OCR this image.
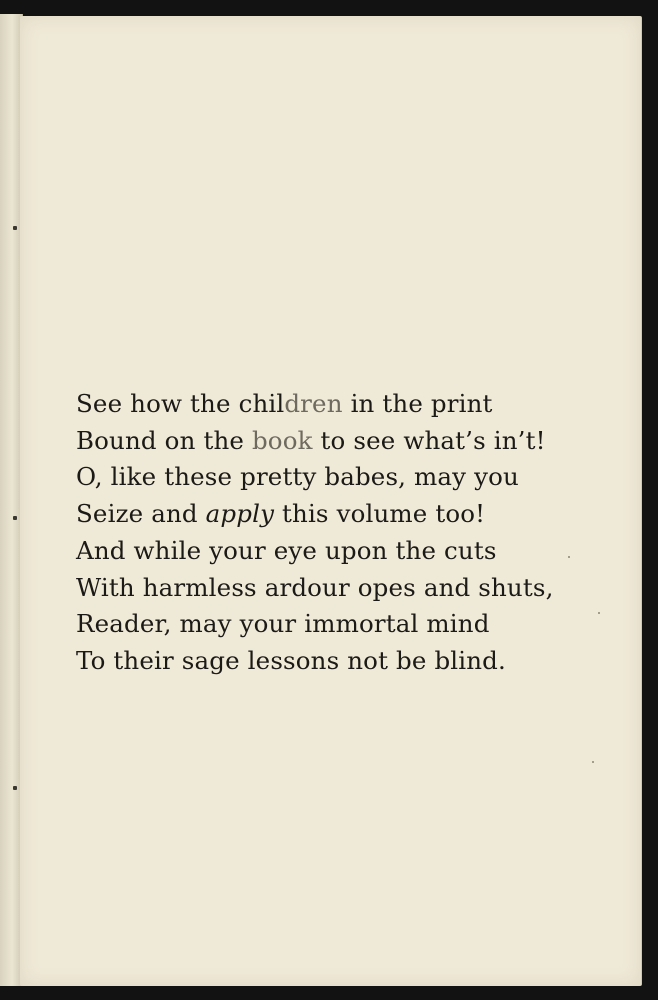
See how the children in the print
Bound on the book to see what’s in’t!
O, like these pretty babes, may you
Seize and apply this volume too!
And while your eye upon the cuts
With harmless ardour opes and shuts,
Reader, may your immortal mind
To their sage lessons not be blind.
